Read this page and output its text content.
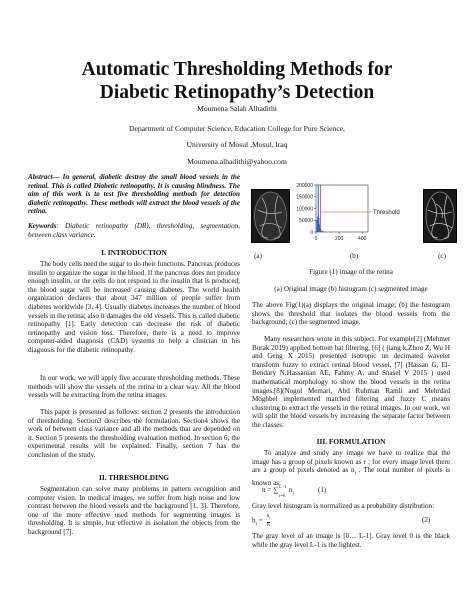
Automatic Thresholding Methods for
Diabetic Retinopathy’s Detection
Moumena Salah Alhadithi
Department of Computer Science, Education College for Pure Science,
University of Mosul ,Mosul, Iraq
Moumena.alhadithi@yahoo.com
Abstract— In general, diabetic destroy the small blood vessels in the retinal. This is called Diabetic retinopathy. It is causing blindness. The aim of this work is to test five thresholding methods for detection diabetic retinopathy. These methods will extract the blood vessels of the retina.
Keywords: Diabetic retinopathy (DR), thresholding, segmentation, between class variance.
I. INTRODUCTION
The body cells need the sugar to do their functions. Pancreas produces insulin to organize the sugar in the blood. If the pancreas does not produce enough insulin, or the cells do not respond to the insulin that is produced; the blood sugar will be increased causing diabetes. The world health organization declares that about 347 million of people suffer from diabetes worldwide [3, 4]. Usually diabetes increases the number of blood vessels in the retina; also it damages the old vessels. This is called diabetic retinopathy [1]. Early detection can decrease the risk of diabetic retinopathy and vision loss. Therefore, there is a need to improve computer-aided diagnosis (CAD) systems to help a clinician in his diagnosis for the diabetic retinopathy.
In our work, we will apply five accurate thresholding methods. These methods will show the vessels of the retina in a clear way. All the blood vessels will be extracting from the retina images.
This paper is presented as follows: section 2 presents the introduction of thresholding. Section3 describes the formulation. Section4 shows the work of between class variance and all the methods that are depended on it. Section 5 presents the thresholding evaluation method. In section 6, the experimental results will be explained. Finally, section 7 has the conclusion of the study.
II. THRESHOLDING
Segmentation can solve many problems in pattern recognition and computer vision. In medical images, we suffer from high noise and low contrast between the blood vessels and the background [1, 3]. Therefore, one of the more effective used methods for segmenting images is thresholding. It is simple, but effective in isolation the objects from the background [7].
0
50000
100000
150000
200000
0	200	400
Threshold
(a)	(b)	(c)
Figure (1) image of the retina
(a) Original image (b) histogram (c) segmented image
The above Fig(1)(a) displays the original image; (b) the histogram shows the threshold that isolates the blood vessels from the background; (c) the segmented image.
Many researchers wrote in this subject. For example[2] (Mehmet Burak 2019) applied bottom hat filtering, [6] ( jiang k,Zhou Z, Wu H and Geng X 2015) presented isotropic un decimated wavelet transform fuzzy to extract retinal blood vessel, [7] (Hassan G, El-Bendary N,Hassanian AE, Fahmy A, and Snasel V 2015 ) used mathematical morphology to show the blood vessels in the retina images.[8](Nogol Memari, Abd Ruhman Ramli and Mehrdad Moghbel implemented matched filtering and fuzzy C means clustering to extract the vessels in the retinal images. In our work, we will split the blood vessels by increasing the separate factor between the classes.
III. FORMULATION
To analyze and study any image we have to realize that the image has a group of pixels known as r ; for every image level there are a group of pixels denoted as $n_i$ . The total number of pixels is known as:
n = L−1
∑
i=0
$n_i$	(1)
Gray level histogram is normalized as a probability distribution:
$h_i = \frac{n_i}{n}$	(2)
The gray level of an image is [0… L-1]. Gray level 0 is the black while the gray level L-1 is the lightest.
